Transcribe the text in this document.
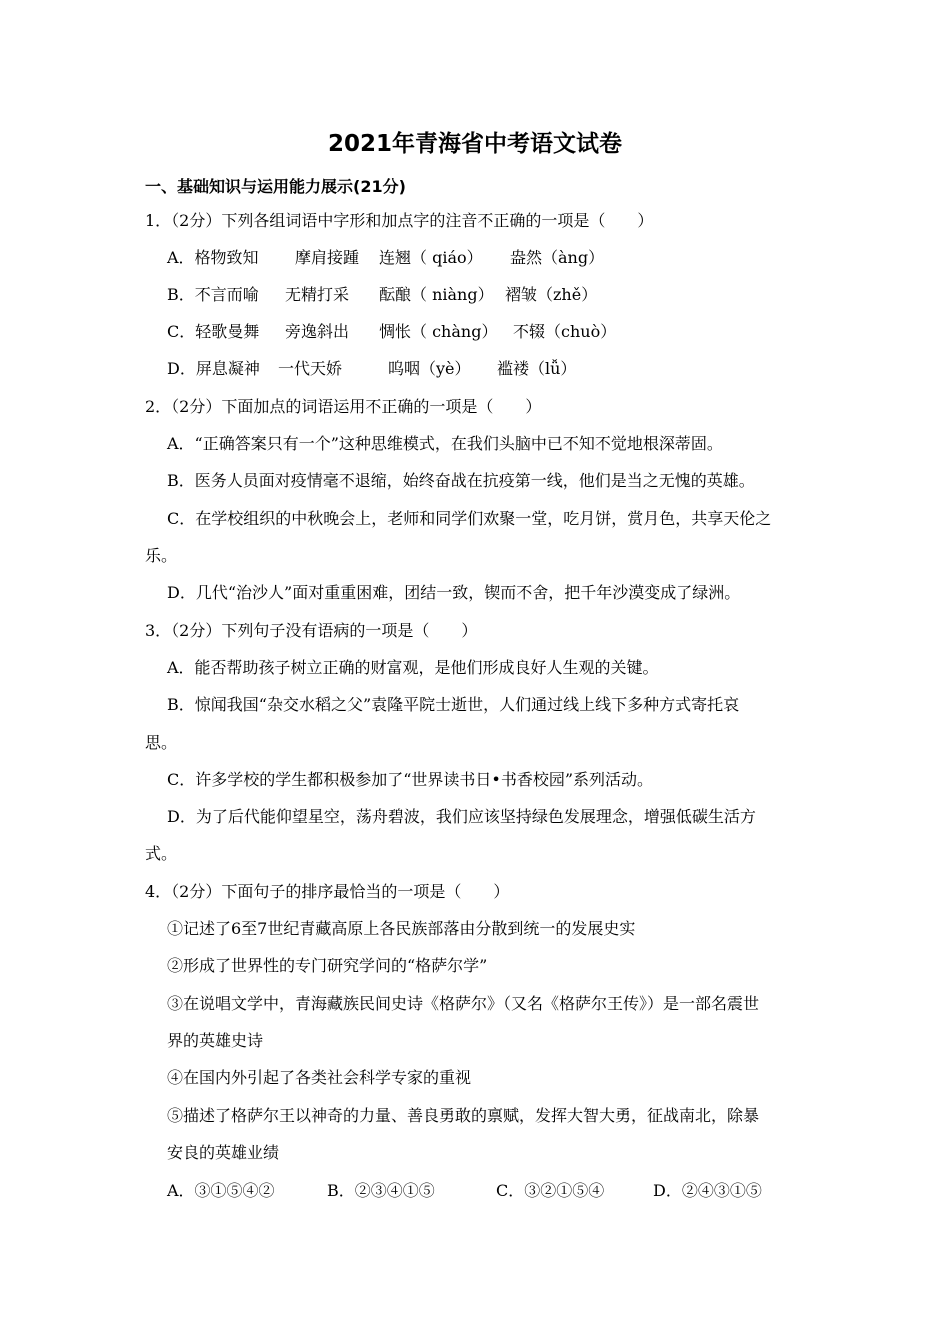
2021年青海省中考语文试卷
一、基础知识与运用能力展示(21分)
1．（2分）下列各组词语中字形和加点字的注音不正确的一项是（　　）
A．格物致知 摩肩接踵 连翘（ qiáo） 盎然（àng）
B．不言而喻 无精打采 酝酿（ niàng） 褶皱（zhě）
C．轻歌曼舞 旁逸斜出 惆怅（ chàng） 不辍（chuò）
D．屏息凝神 一代天娇	呜咽（yè） 褴褛（lǚ）
2．（2分）下面加点的词语运用不正确的一项是（　　）
A．“正确答案只有一个”这种思维模式，在我们头脑中已不知不觉地根深蒂固。
B．医务人员面对疫情毫不退缩，始终奋战在抗疫第一线，他们是当之无愧的英雄。
C．在学校组织的中秋晚会上，老师和同学们欢聚一堂，吃月饼，赏月色，共享天伦之
乐。
D．几代“治沙人”面对重重困难，团结一致，锲而不舍，把千年沙漠变成了绿洲。
3．（2分）下列句子没有语病的一项是（　　）
A．能否帮助孩子树立正确的财富观，是他们形成良好人生观的关键。
B．惊闻我国“杂交水稻之父”袁隆平院士逝世，人们通过线上线下多种方式寄托哀
思。
C．许多学校的学生都积极参加了“世界读书日•书香校园”系列活动。
D．为了后代能仰望星空，荡舟碧波，我们应该坚持绿色发展理念，增强低碳生活方
式。
4．（2分）下面句子的排序最恰当的一项是（　　）
①记述了6至7世纪青藏高原上各民族部落由分散到统一的发展史实
②形成了世界性的专门研究学问的“格萨尔学”
③在说唱文学中，青海藏族民间史诗《格萨尔》（又名《格萨尔王传》）是一部名震世
界的英雄史诗
④在国内外引起了各类社会科学专家的重视
⑤描述了格萨尔王以神奇的力量、善良勇敢的禀赋，发挥大智大勇，征战南北，除暴
安良的英雄业绩
A．③①⑤④②	B．②③④①⑤	C．③②①⑤④	D．②④③①⑤
